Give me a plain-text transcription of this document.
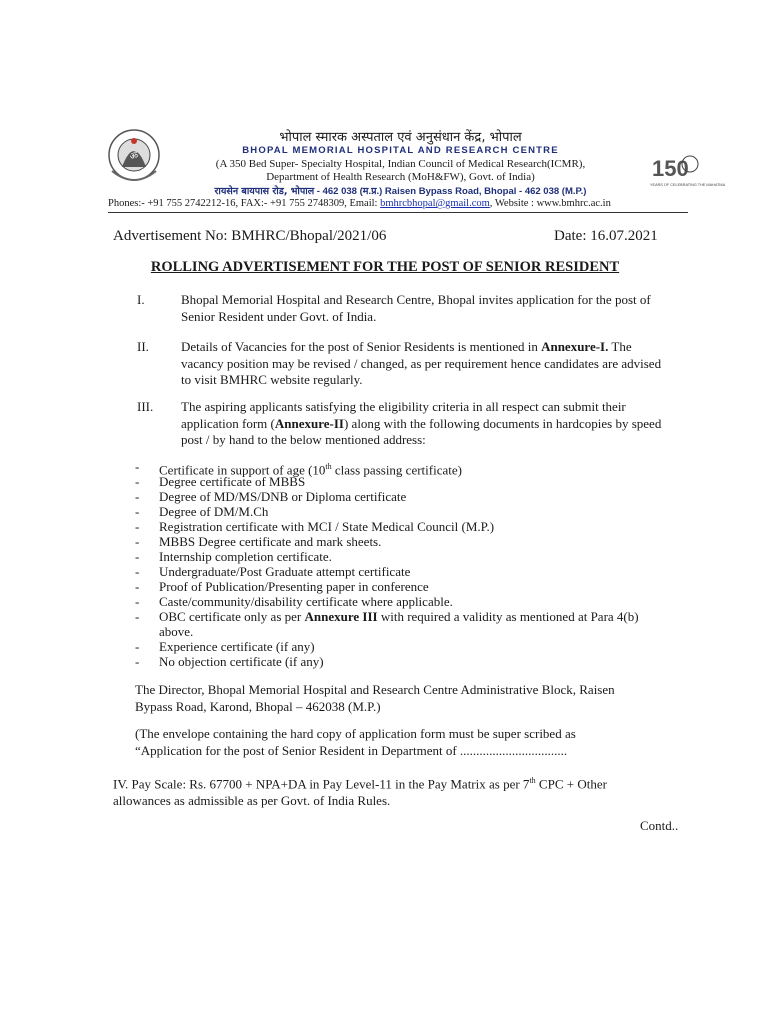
ॐ	150
YEARS OF CELEBRATING THE MAHATMA
भोपाल स्मारक अस्पताल एवं अनुसंधान केंद्र, भोपाल
BHOPAL MEMORIAL HOSPITAL AND RESEARCH CENTRE
(A 350 Bed Super- Specialty Hospital, Indian Council of Medical Research(ICMR),
Department of Health Research (MoH&FW), Govt. of India)
रायसेन बायपास रोड, भोपाल - 462 038 (म.प्र.) Raisen Bypass Road, Bhopal - 462 038 (M.P.)
Phones:- +91 755 2742212-16, FAX:- +91 755 2748309, Email: bmhrcbhopal@gmail.com, Website : www.bmhrc.ac.in
Advertisement No: BMHRC/Bhopal/2021/06	Date: 16.07.2021
ROLLING ADVERTISEMENT FOR THE POST OF SENIOR RESIDENT
I.	Bhopal Memorial Hospital and Research Centre, Bhopal invites application for the post of Senior Resident under Govt. of India.
II. Details of Vacancies for the post of Senior Residents is mentioned in Annexure-I. The vacancy position may be revised / changed, as per requirement hence candidates are advised to visit BMHRC website regularly.
III. The aspiring applicants satisfying the eligibility criteria in all respect can submit their application form (Annexure-II) along with the following documents in hardcopies by speed post / by hand to the below mentioned address:
- Certificate in support of age (10th class passing certificate)
- Degree certificate of MBBS
- Degree of MD/MS/DNB or Diploma certificate
- Degree of DM/M.Ch
- Registration certificate with MCI / State Medical Council (M.P.)
- MBBS Degree certificate and mark sheets.
- Internship completion certificate.
- Undergraduate/Post Graduate attempt certificate
- Proof of Publication/Presenting paper in conference
- Caste/community/disability certificate where applicable.
- OBC certificate only as per Annexure III with required a validity as mentioned at Para 4(b)
above.
- Experience certificate (if any)
- No objection certificate (if any)
The Director, Bhopal Memorial Hospital and Research Centre Administrative Block, Raisen
Bypass Road, Karond, Bhopal – 462038 (M.P.)
(The envelope containing the hard copy of application form must be super scribed as
“Application for the post of Senior Resident in Department of .................................
IV. Pay Scale: Rs. 67700 + NPA+DA in Pay Level-11 in the Pay Matrix as per 7th CPC + Other
allowances as admissible as per Govt. of India Rules.
Contd..
